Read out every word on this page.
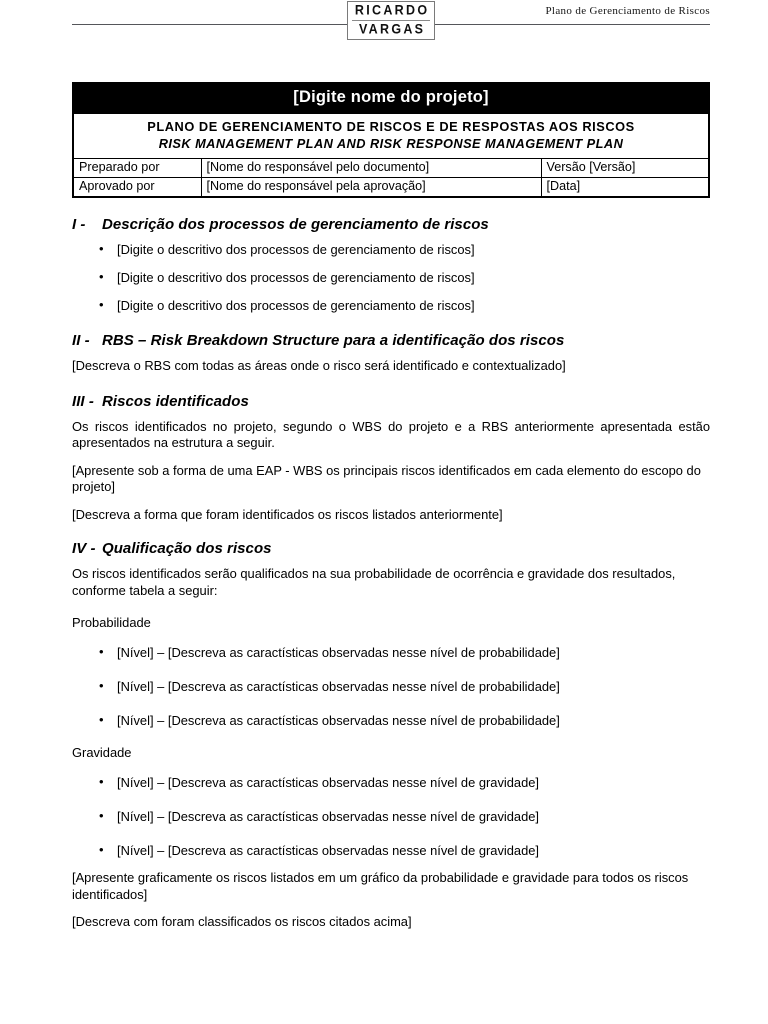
RICARDO
VARGAS
Plano de Gerenciamento de Riscos
[Digite nome do projeto]		

PLANO DE GERENCIAMENTO DE RISCOS E DE RESPOSTAS AOS RISCOS
RISK MANAGEMENT PLAN AND RISK RESPONSE MANAGEMENT PLAN		

Preparado por	[Nome do responsável pelo documento]	Versão [Versão]
Aprovado por	[Nome do responsável pela aprovação]	[Data]
I - Descrição dos processos de gerenciamento de riscos
• [Digite o descritivo dos processos de gerenciamento de riscos]
• [Digite o descritivo dos processos de gerenciamento de riscos]
• [Digite o descritivo dos processos de gerenciamento de riscos]
II - RBS – Risk Breakdown Structure para a identificação dos riscos

[Descreva o RBS com todas as áreas onde o risco será identificado e contextualizado]

III - Riscos identificados

Os riscos identificados no projeto, segundo o WBS do projeto e a RBS anteriormente apresentada estão apresentados na estrutura a seguir.

[Apresente sob a forma de uma EAP - WBS os principais riscos identificados em cada elemento do escopo do projeto]

[Descreva a forma que foram identificados os riscos listados anteriormente]

IV - Qualificação dos riscos

Os riscos identificados serão qualificados na sua probabilidade de ocorrência e gravidade dos resultados, conforme tabela a seguir:

Probabilidade

• [Nível] – [Descreva as caractísticas observadas nesse nível de probabilidade]
• [Nível] – [Descreva as caractísticas observadas nesse nível de probabilidade]
• [Nível] – [Descreva as caractísticas observadas nesse nível de probabilidade]

Gravidade

• [Nível] – [Descreva as caractísticas observadas nesse nível de gravidade]
• [Nível] – [Descreva as caractísticas observadas nesse nível de gravidade]
• [Nível] – [Descreva as caractísticas observadas nesse nível de gravidade]

[Apresente graficamente os riscos listados em um gráfico da probabilidade e gravidade para todos os riscos identificados]

[Descreva com foram classificados os riscos citados acima]
